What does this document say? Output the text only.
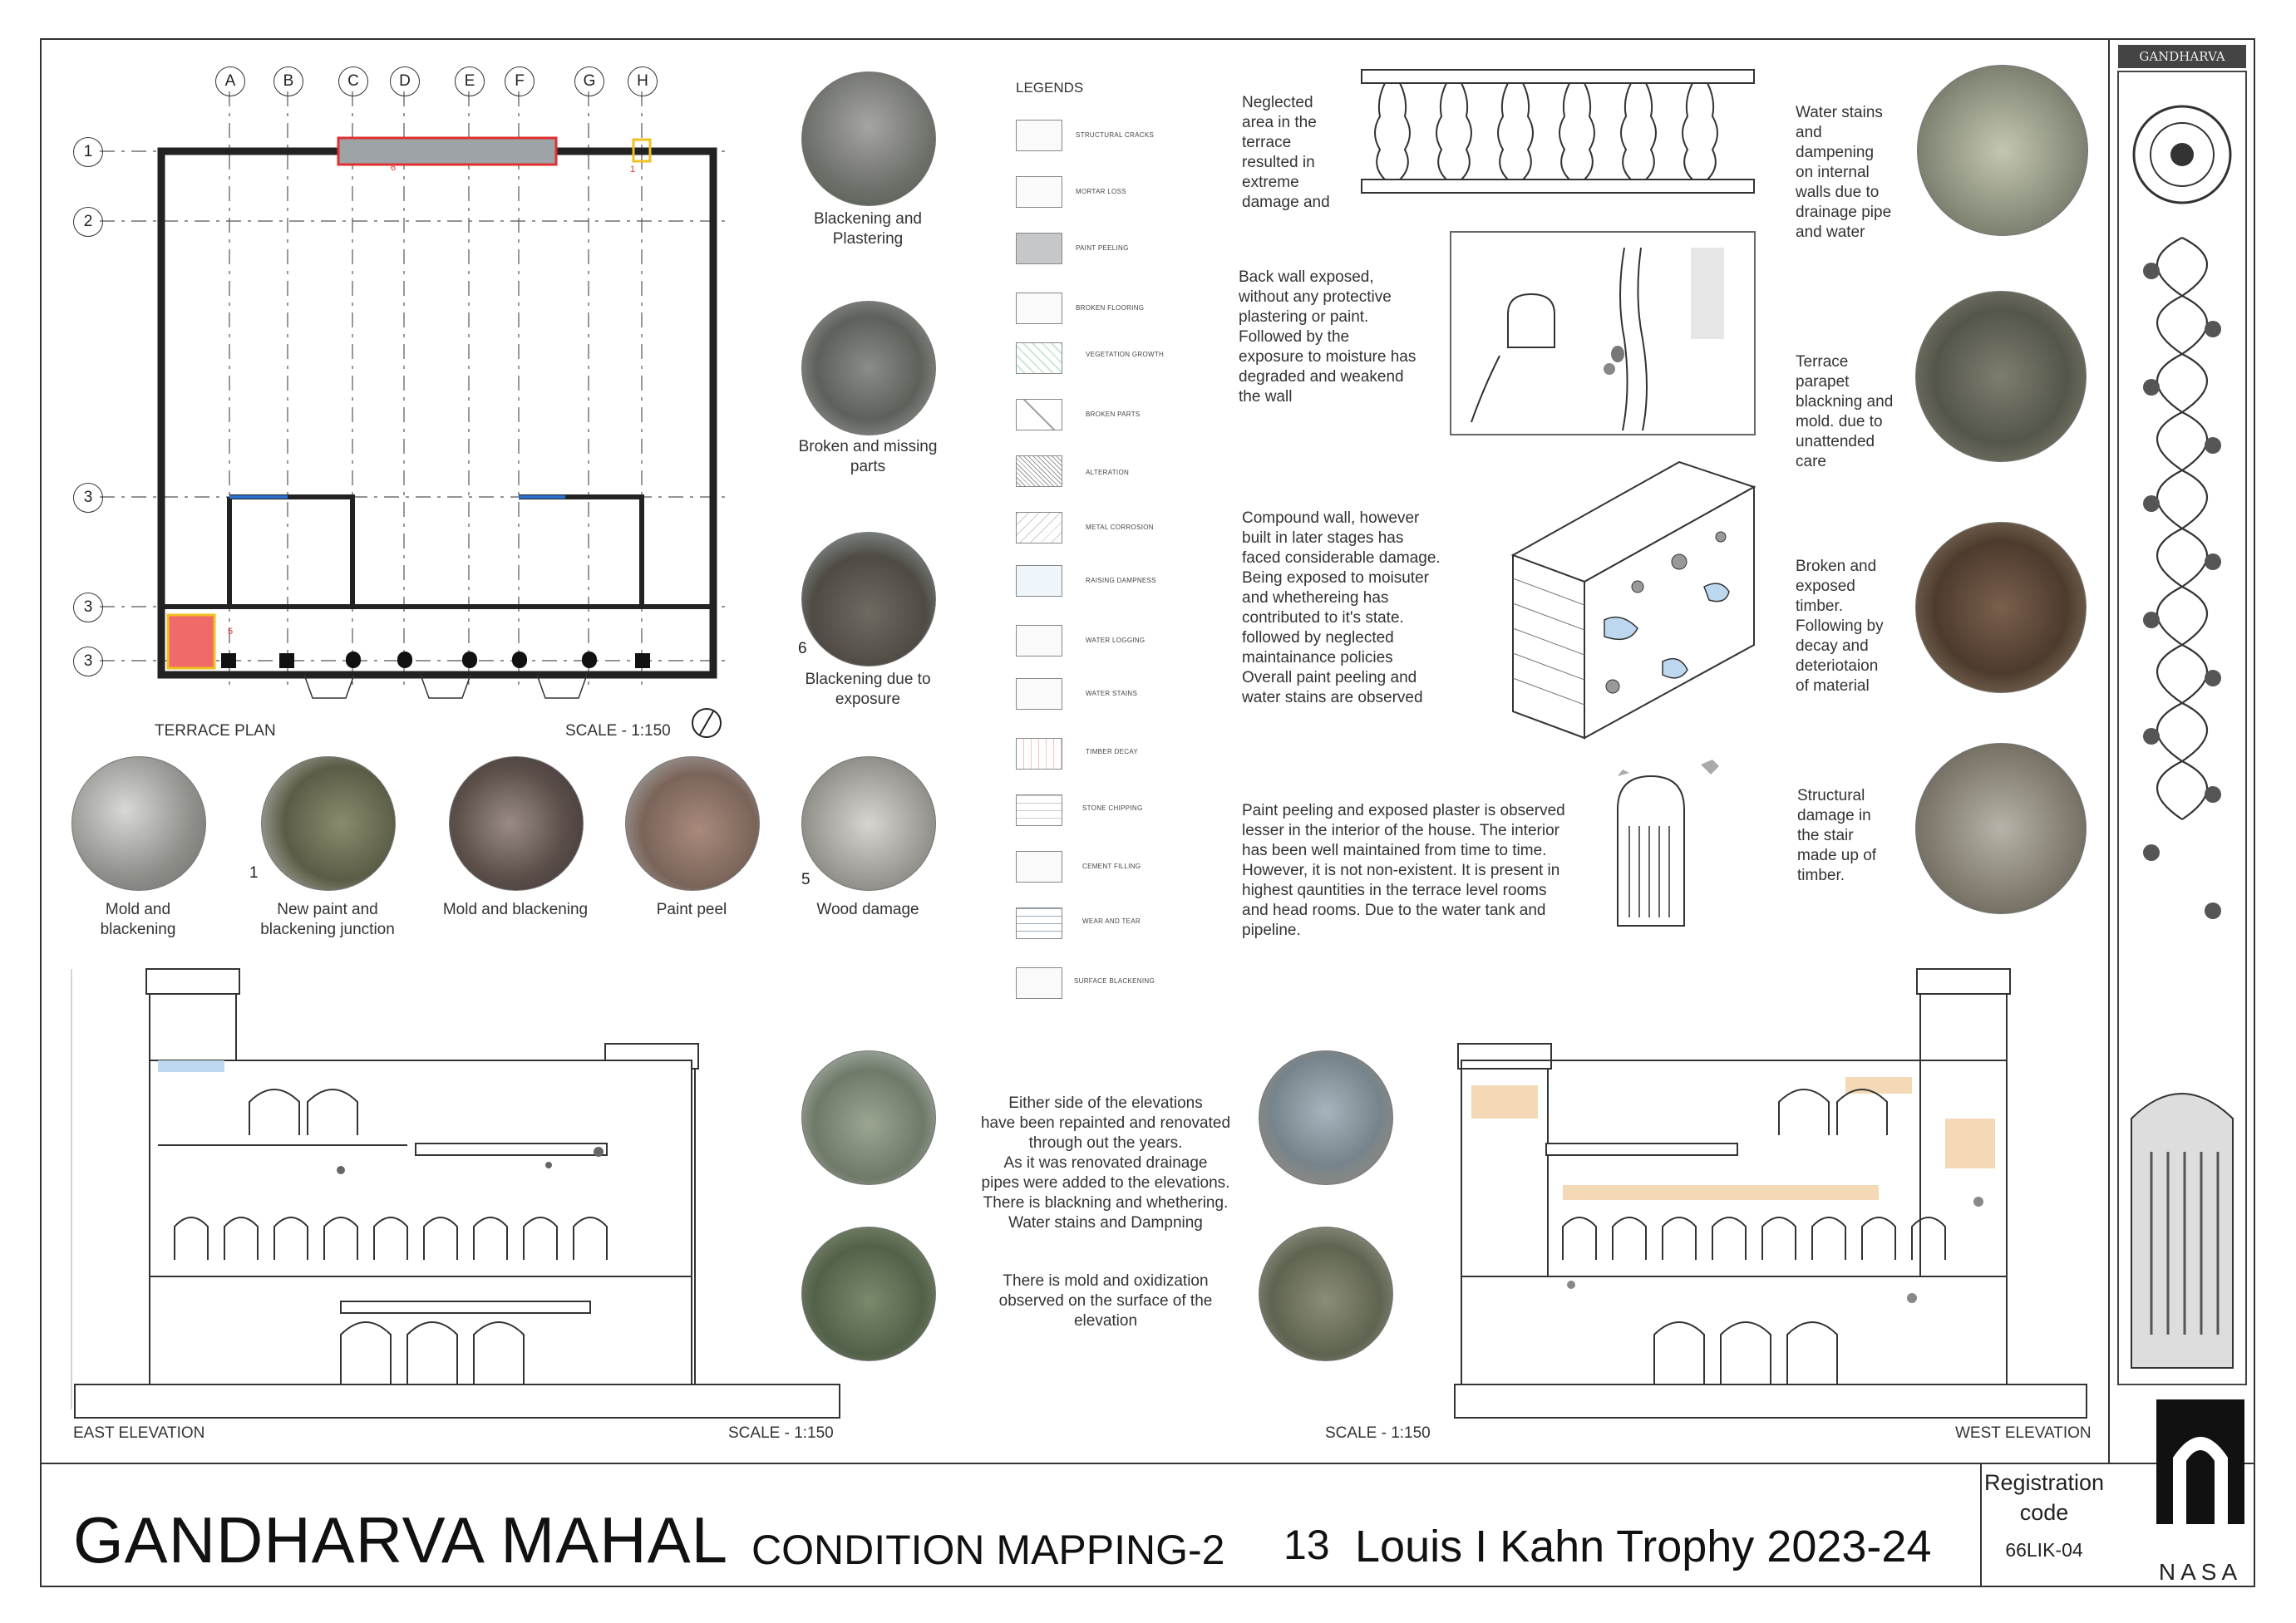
A	B	C	D	E	F	G	H
1
2
3
3
3
6	1
5
TERRACE PLAN	SCALE - 1:150
Mold and
blackening
New paint and
blackening junction
1
Mold and blackening	Paint peel
5
Wood damage
Blackening and
Plastering
Broken and missing
parts
6
Blackening due to
exposure
LEGENDS
STRUCTURAL CRACKS
MORTAR LOSS
PAINT PEELING
BROKEN FLOORING
VEGETATION GROWTH
BROKEN PARTS
ALTERATION
METAL CORROSION
RAISING DAMPNESS
WATER LOGGING
WATER STAINS
TIMBER DECAY
STONE CHIPPING
CEMENT FILLING
WEAR AND TEAR
SURFACE BLACKENING
Neglected
area in the
terrace
resulted in
extreme
damage and
Back wall exposed,
without any protective
plastering or paint.
Followed by the
exposure to moisture has
degraded and weakend
the wall
Compound wall, however
built in later stages has
faced considerable damage.
Being exposed to moisuter
and whethereing has
contributed to it's state.
followed by neglected
maintainance policies
Overall paint peeling and
water stains are observed
Paint peeling and exposed plaster is observed
lesser in the interior of the house. The interior
has been well maintained from time to time.
However, it is not non-existent. It is present in
highest qauntities in the terrace level rooms
and head rooms. Due to the water tank and
pipeline.
Either side of the elevations
have been repainted and renovated
through out the years.
As it was renovated drainage
pipes were added to the elevations.
There is blackning and whethering.
Water stains and Dampning
There is mold and oxidization
observed on the surface of the
elevation
Water stains
and
dampening
on internal
walls due to
drainage pipe
and water
Terrace
parapet
blackning and
mold. due to
unattended
care
Broken and
exposed
timber.
Following by
decay and
deteriotaion
of material
Structural
damage in
the stair
made up of
timber.
GANDHARVA
EAST ELEVATION	SCALE - 1:150	SCALE - 1:150	WEST ELEVATION
GANDHARVA MAHAL CONDITION MAPPING-2 13 Louis I Kahn Trophy 2023-24
Registration
code
66LIK-04
NASA
